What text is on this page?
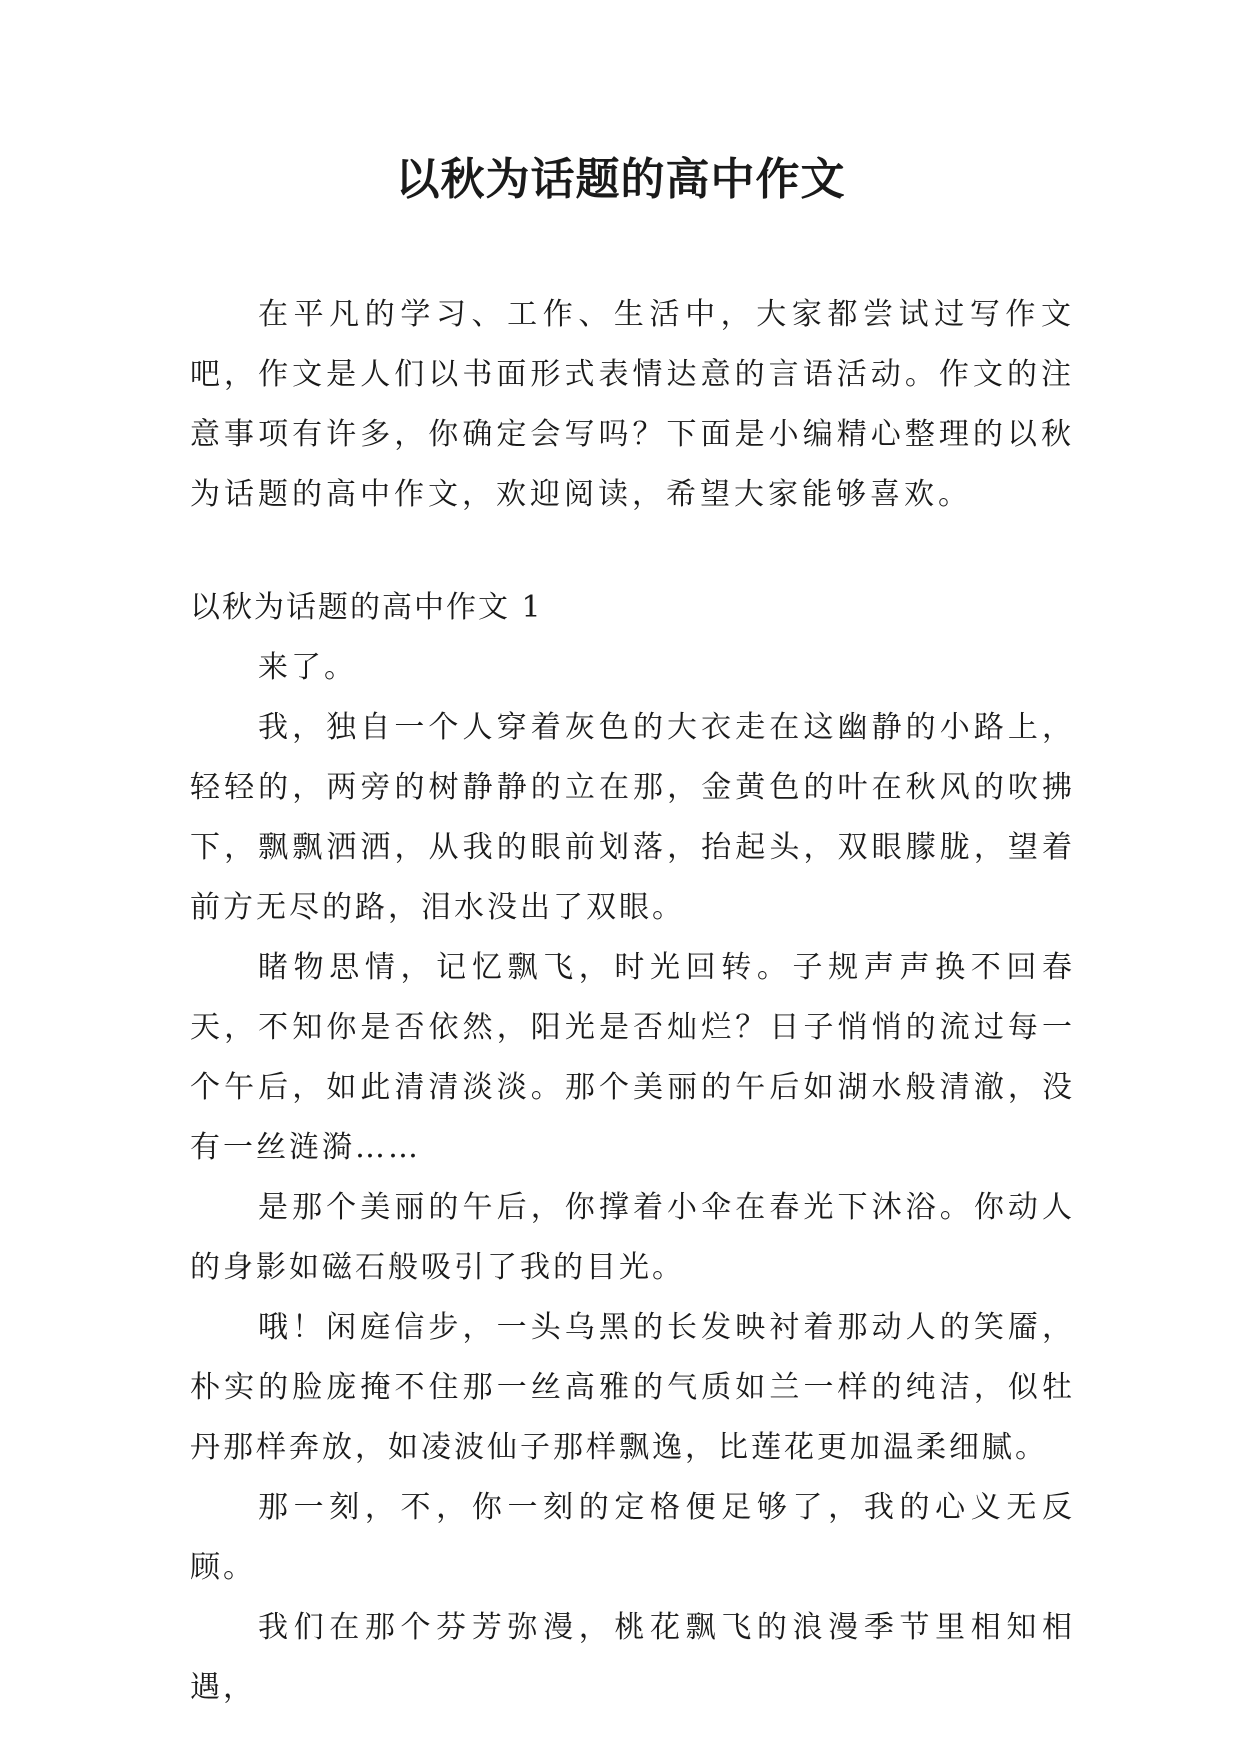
以秋为话题的高中作文

在平凡的学习、工作、生活中，大家都尝试过写作文吧，作文是人们以书面形式表情达意的言语活动。作文的注意事项有许多，你确定会写吗？下面是小编精心整理的以秋为话题的高中作文，欢迎阅读，希望大家能够喜欢。

以秋为话题的高中作文 1

来了。

我，独自一个人穿着灰色的大衣走在这幽静的小路上，轻轻的，两旁的树静静的立在那，金黄色的叶在秋风的吹拂下，飘飘洒洒，从我的眼前划落，抬起头，双眼朦胧，望着前方无尽的路，泪水没出了双眼。

睹物思情，记忆飘飞，时光回转。子规声声换不回春天，不知你是否依然，阳光是否灿烂？日子悄悄的流过每一个午后，如此清清淡淡。那个美丽的午后如湖水般清澈，没有一丝涟漪……

是那个美丽的午后，你撑着小伞在春光下沐浴。你动人的身影如磁石般吸引了我的目光。

哦！闲庭信步，一头乌黑的长发映衬着那动人的笑靥，朴实的脸庞掩不住那一丝高雅的气质如兰一样的纯洁，似牡丹那样奔放，如凌波仙子那样飘逸，比莲花更加温柔细腻。

那一刻，不，你一刻的定格便足够了，我的心义无反顾。

我们在那个芬芳弥漫，桃花飘飞的浪漫季节里相知相遇，
